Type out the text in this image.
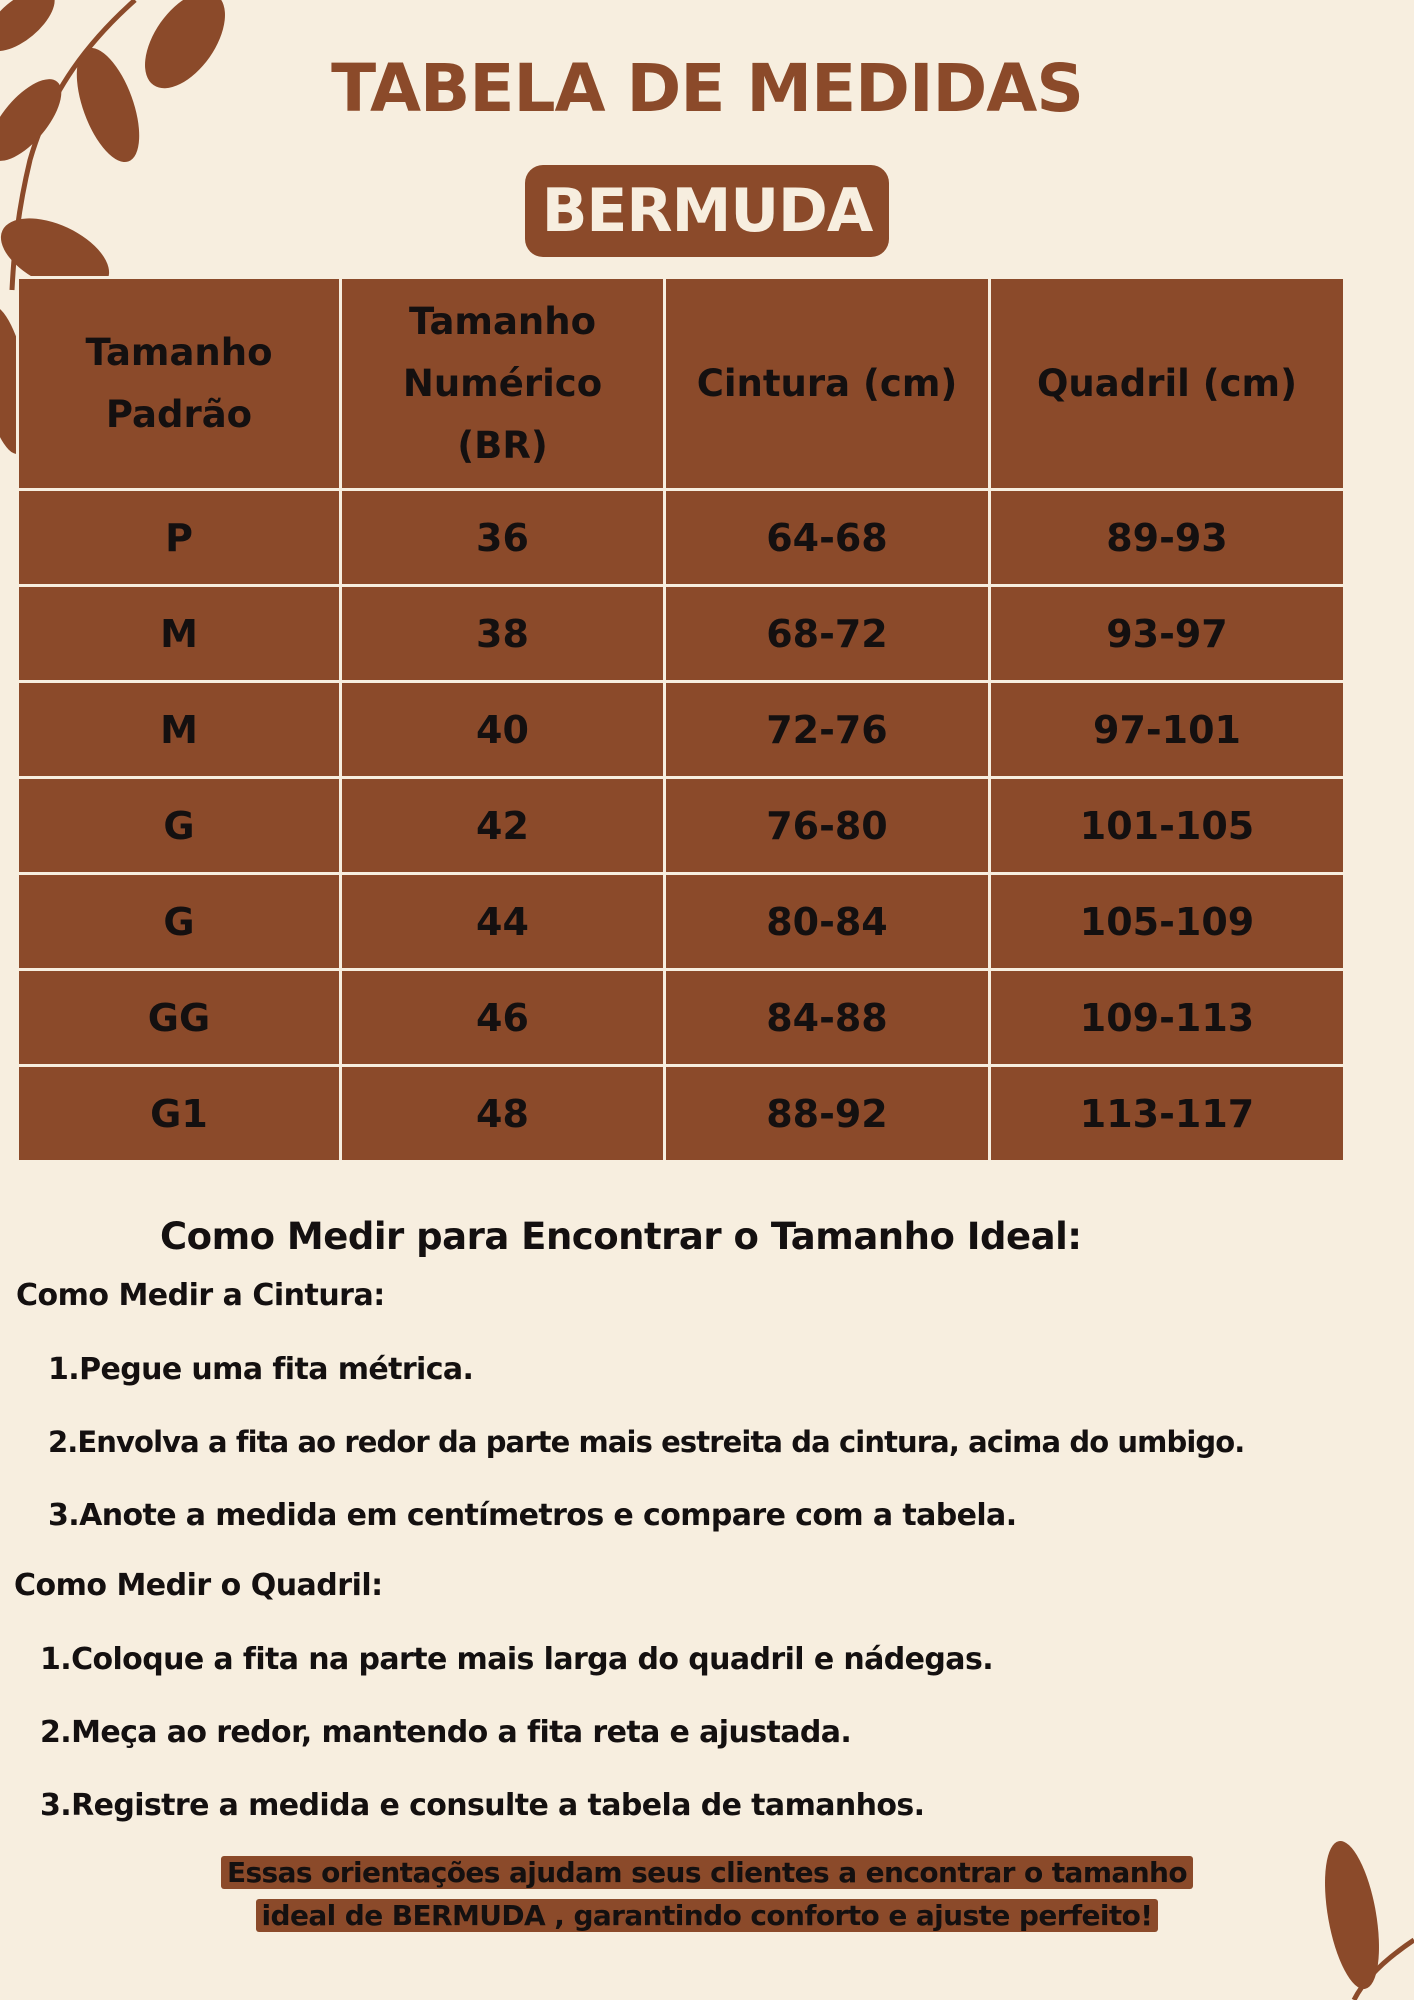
TABELA DE MEDIDAS
BERMUDA
Tamanho Padrão	Tamanho Numérico (BR)	Cintura (cm)	Quadril (cm)
P	36	64-68	89-93
M	38	68-72	93-97
M	40	72-76	97-101
G	42	76-80	101-105
G	44	80-84	105-109
GG	46	84-88	109-113
G1	48	88-92	113-117
Como Medir para Encontrar o Tamanho Ideal:
Como Medir a Cintura:
1.Pegue uma fita métrica.
2.Envolva a fita ao redor da parte mais estreita da cintura, acima do umbigo.
3.Anote a medida em centímetros e compare com a tabela.
Como Medir o Quadril:
1.Coloque a fita na parte mais larga do quadril e nádegas.
2.Meça ao redor, mantendo a fita reta e ajustada.
3.Registre a medida e consulte a tabela de tamanhos.
Essas orientações ajudam seus clientes a encontrar o tamanho
ideal de BERMUDA , garantindo conforto e ajuste perfeito!
